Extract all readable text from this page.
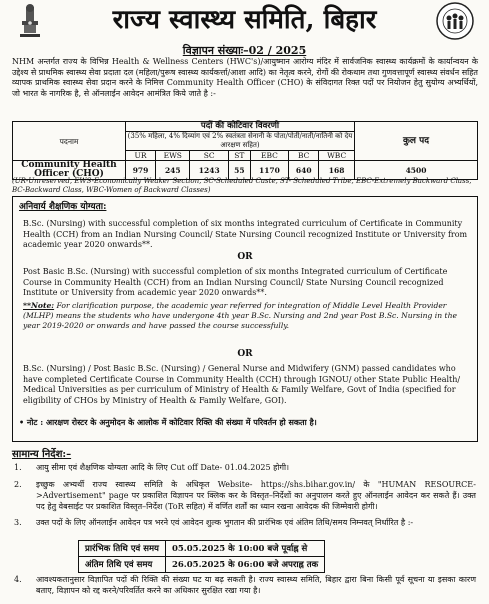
राज्य स्वास्थ्य समिति, बिहार
विज्ञापन संख्याः–02 / 2025
NHM अन्तर्गत राज्य के विभिन्न Health & Wellness Centers (HWC's)/आयुष्मान आरोग्य मंदिर में सार्वजनिक स्वास्थ्य कार्यक्रमों के कार्यान्वयन के उद्देश्य से प्राथमिक स्वास्थ्य सेवा प्रदाता दल (महिला/पुरूष स्वास्थ्य कार्यकर्त्ता/आशा आदि) का नेतृत्व करने, रोगों की रोकथाम तथा गुणवत्तापूर्ण स्वास्थ्य संवर्धन सहित व्यापक प्राथमिक स्वास्थ्य सेवा प्रदान करने के निमित्त Community Health Officer (CHO) के संविदागत रिक्त पदों पर नियोजन हेतु सुयोग्य अभ्यर्थियों, जो भारत के नागरिक है, से ऑनलाईन आवेदन आमंत्रित किये जाते है :-
पदनाम	पदों की कोटिवार विवरणी							कुल पद
	(35% महिला, 4% दिव्यांग एवं 2% स्वतंत्रता सेनानी के पोता/पोती/नाती/नातिनी को देय आरक्षण सहित)							
	UR	EWS	SC	ST	EBC	BC	WBC	
Community Health Officer (CHO)	979	245	1243	55	1170	640	168	4500
(UR-Unreserved, EWS-Economically Weaker Section, SC-Scheduled Caste, ST- Scheduled Tribe, EBC-Extremely Backward Class, BC-Backward Class, WBC-Women of Backward Classes)
अनिवार्य शैक्षणिक योग्यता:
B.Sc. (Nursing) with successful completion of six months integrated curriculum of Certificate in Community Health (CCH) from an Indian Nursing Council/ State Nursing Council recognized Institute or University from academic year 2020 onwards**.
OR
Post Basic B.Sc. (Nursing) with successful completion of six months Integrated curriculum of Certificate Course in Community Health (CCH) from an Indian Nursing Council/ State Nursing Council recognized Institute or University from academic year 2020 onwards**.
**Note: For clarification purpose, the academic year referred for integration of Middle Level Health Provider (MLHP) means the students who have undergone 4th year B.Sc. Nursing and 2nd year Post B.Sc. Nursing in the year 2019-2020 or onwards and have passed the course successfully.
OR
B.Sc. (Nursing) / Post Basic B.Sc. (Nursing) / General Nurse and Midwifery (GNM) passed candidates who have completed Certificate Course in Community Health (CCH) through IGNOU/ other State Public Health/ Medical Universities as per curriculum of Ministry of Health & Family Welfare, Govt of India (specified for eligibility of CHOs by Ministry of Health & Family Welfare, GOI).
• नोट : आरक्षण रोस्टर के अनुमोदन के आलोक में कोटिवार रिक्ति की संख्या में परिवर्तन हो सकता है।
सामान्य निर्देश:–
1. आयु सीमा एवं शैक्षणिक योग्यता आदि के लिए Cut off Date- 01.04.2025 होगी।
2. इच्छुक अभ्यर्थी राज्य स्वास्थ्य समिति के अधिकृत Website- https://shs.bihar.gov.in/ के "HUMAN RESOURCE->Advertisement" page पर प्रकाशित विज्ञापन पर क्लिक कर के विस्तृत–निर्देशों का अनुपालन करते हुए ऑनलाईन आवेदन कर सकते हैं। उक्त पद हेतु वेबसाईट पर प्रकाशित विस्तृत–निर्देश (ToR सहित) में वर्णित शर्तों का ध्यान रखना आवेदक की जिम्मेवारी होगी।
3. उक्त पदों के लिए ऑनलाईन आवेदन पत्र भरने एवं आवेदन शुल्क भुगतान की प्रारंभिक एवं अंतिम तिथि/समय निम्नवत् निर्धारित है :-
प्रारंभिक तिथि एवं समय	05.05.2025 के 10:00 बजे पूर्वाह्न से
अंतिम तिथि एवं समय	26.05.2025 के 06:00 बजे अपराह्न तक
4. आवश्यकतानुसार विज्ञापित पदों की रिक्ति की संख्या घट या बढ़ सकती है। राज्य स्वास्थ्य समिति, बिहार द्वारा बिना किसी पूर्व सूचना या इसका कारण बताए, विज्ञापन को रद्द करने/परिवर्तित करने का अधिकार सुरक्षित रखा गया है।
